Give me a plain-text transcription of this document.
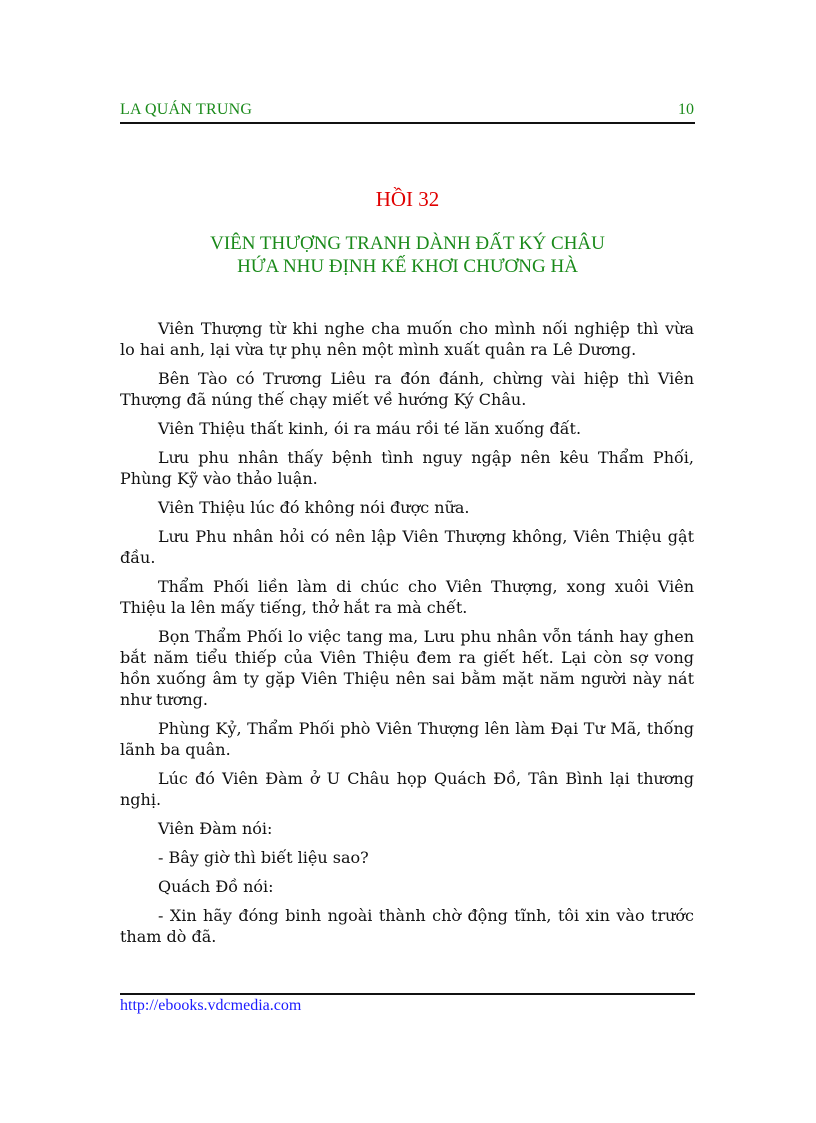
LA QUÁN TRUNG	10
HỒI 32
VIÊN THƯỢNG TRANH DÀNH ĐẤT KÝ CHÂU
HỨA NHU ĐỊNH KẾ KHƠI CHƯƠNG HÀ

Viên Thượng từ khi nghe cha muốn cho mình nối nghiệp thì vừa lo hai anh, lại vừa tự phụ nên một mình xuất quân ra Lê Dương.

Bên Tào có Trương Liêu ra đón đánh, chừng vài hiệp thì Viên Thượng đã núng thế chạy miết về hướng Ký Châu.

Viên Thiệu thất kinh, ói ra máu rồi té lăn xuống đất.

Lưu phu nhân thấy bệnh tình nguy ngập nên kêu Thẩm Phối, Phùng Kỹ vào thảo luận.

Viên Thiệu lúc đó không nói được nữa.

Lưu Phu nhân hỏi có nên lập Viên Thượng không, Viên Thiệu gật đầu.

Thẩm Phối liền làm di chúc cho Viên Thượng, xong xuôi Viên Thiệu la lên mấy tiếng, thở hắt ra mà chết.

Bọn Thẩm Phối lo việc tang ma, Lưu phu nhân vỗn tánh hay ghen bắt năm tiểu thiếp của Viên Thiệu đem ra giết hết. Lại còn sợ vong hồn xuống âm ty gặp Viên Thiệu nên sai bằm mặt năm người này nát như tương.

Phùng Kỷ, Thẩm Phối phò Viên Thượng lên làm Đại Tư Mã, thống lãnh ba quân.

Lúc đó Viên Đàm ở U Châu họp Quách Đồ, Tân Bình lại thương nghị.

Viên Đàm nói:

- Bây giờ thì biết liệu sao?

Quách Đồ nói:

- Xin hãy đóng binh ngoài thành chờ động tĩnh, tôi xin vào trước tham dò đã.

http://ebooks.vdcmedia.com
